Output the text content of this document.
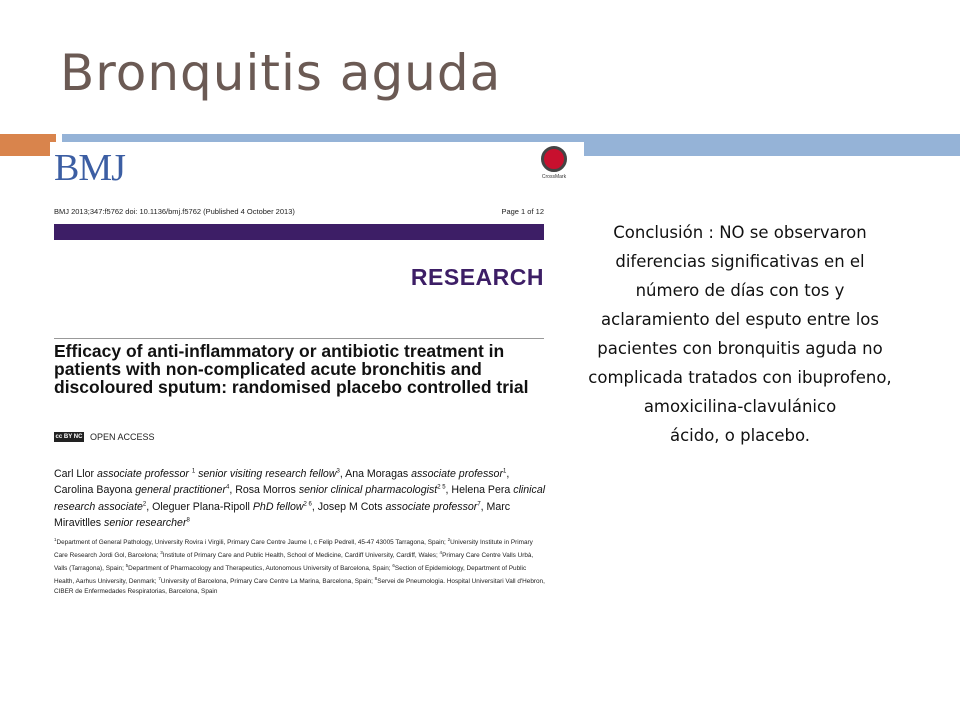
Bronquitis aguda
BMJ	CrossMark
BMJ 2013;347:f5762 doi: 10.1136/bmj.f5762 (Published 4 October 2013)	Page 1 of 12
RESEARCH
Efficacy of anti-inflammatory or antibiotic treatment in patients with non-complicated acute bronchitis and discoloured sputum: randomised placebo controlled trial
cc BY NC OPEN ACCESS
Carl Llor associate professor $^1$ senior visiting research fellow$^3$, Ana Moragas associate professor$^1$, Carolina Bayona general practitioner$^4$, Rosa Morros senior clinical pharmacologist$^{2 5}$, Helena Pera clinical research associate$^2$, Oleguer Plana-Ripoll PhD fellow$^{2 6}$, Josep M Cots associate professor$^7$, Marc Miravitlles senior researcher$^8$
$^1$Department of General Pathology, University Rovira i Virgili, Primary Care Centre Jaume I, c Felip Pedrell, 45-47 43005 Tarragona, Spain; $^2$University Institute in Primary Care Research Jordi Gol, Barcelona; $^3$Institute of Primary Care and Public Health, School of Medicine, Cardiff University, Cardiff, Wales; $^4$Primary Care Centre Valls Urbà, Valls (Tarragona), Spain; $^5$Department of Pharmacology and Therapeutics, Autonomous University of Barcelona, Spain; $^6$Section of Epidemiology, Department of Public Health, Aarhus University, Denmark; $^7$University of Barcelona, Primary Care Centre La Marina, Barcelona, Spain; $^8$Servei de Pneumologia. Hospital Universitari Vall d'Hebron, CIBER de Enfermedades Respiratorias, Barcelona, Spain
Conclusión : NO se observaron
diferencias significativas en el
número de días con tos y
aclaramiento del esputo entre los
pacientes con bronquitis aguda no
complicada tratados con ibuprofeno,
amoxicilina-clavulánico
ácido, o placebo.
